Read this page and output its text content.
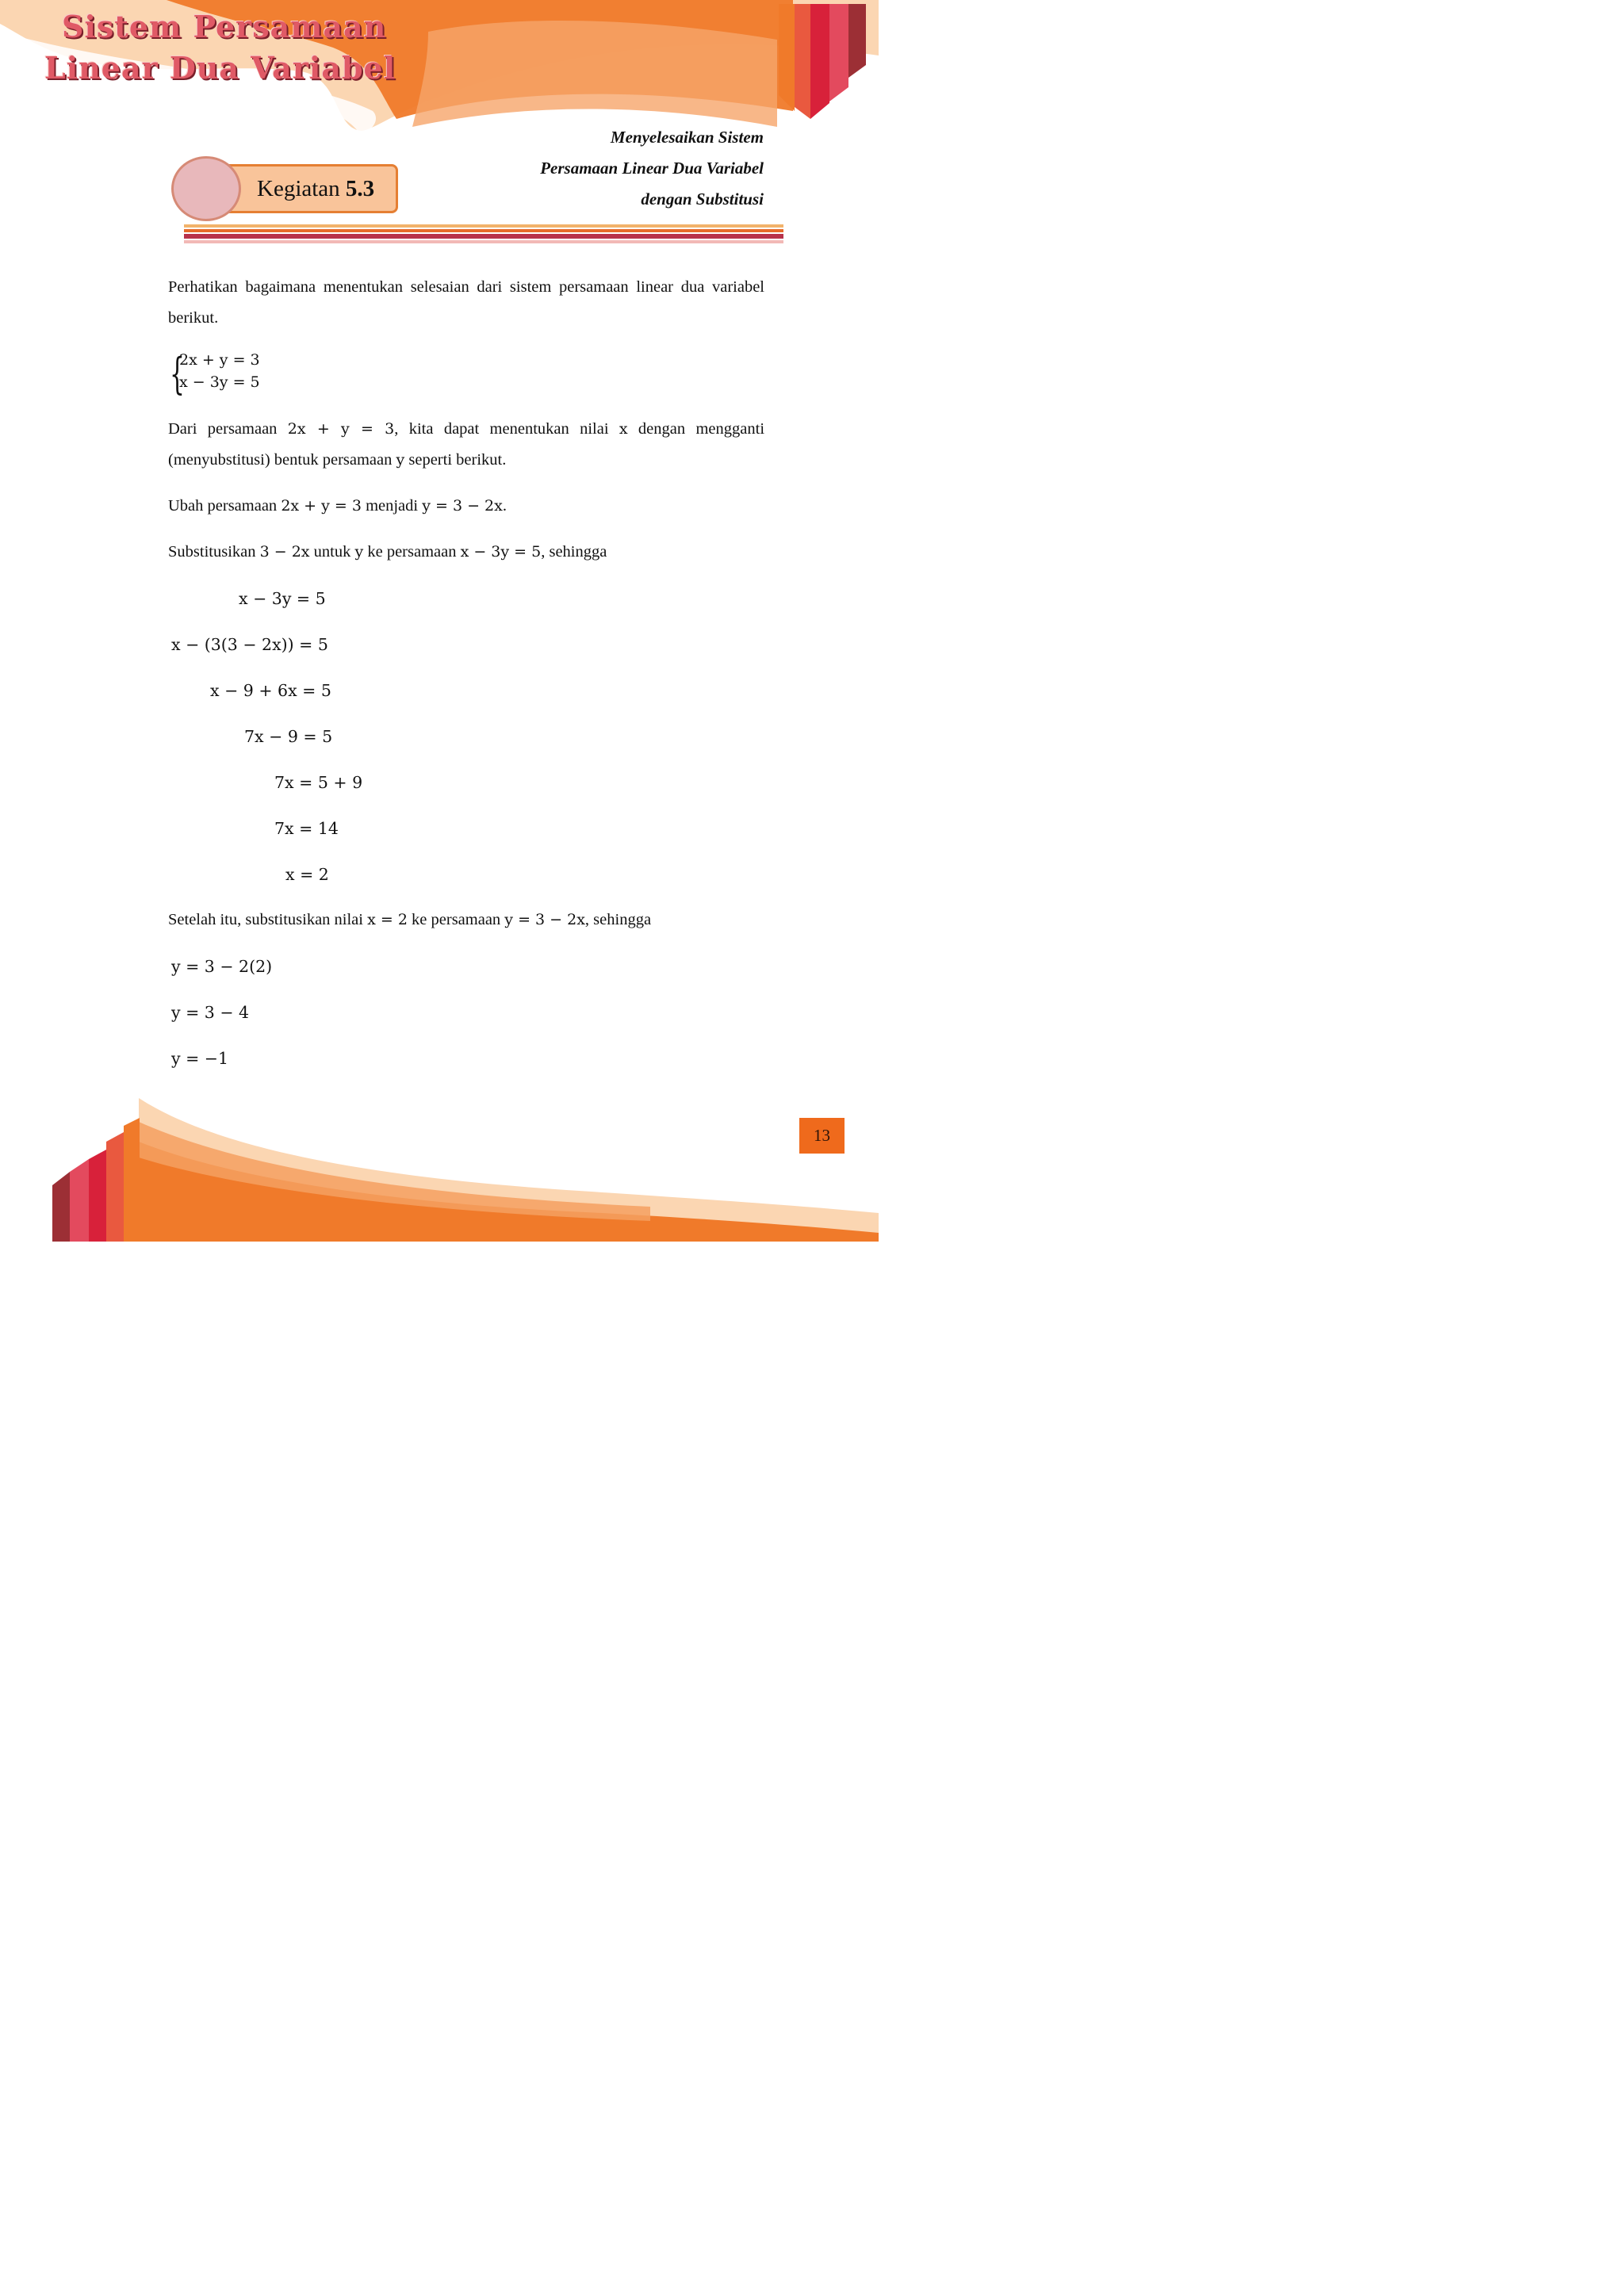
Sistem Persamaan
Linear Dua Variabel
Menyelesaikan Sistem
Persamaan Linear Dua Variabel
dengan Substitusi
Kegiatan 5.3
Perhatikan bagaimana menentukan selesaian dari sistem persamaan linear dua variabel berikut.
{
2x + y = 3
x − 3y = 5
Dari persamaan 2x + y = 3, kita dapat menentukan nilai x dengan mengganti (menyubstitusi) bentuk persamaan y seperti berikut.
Ubah persamaan 2x + y = 3 menjadi y = 3 − 2x.
Substitusikan 3 − 2x untuk y ke persamaan x − 3y = 5, sehingga
x − 3y = 5
x − (3(3 − 2x)) = 5
x − 9 + 6x = 5
7x − 9 = 5
7x = 5 + 9
7x = 14
x = 2
Setelah itu, substitusikan nilai x = 2 ke persamaan y = 3 − 2x, sehingga
y = 3 − 2(2)
y = 3 − 4
y = −1
13
